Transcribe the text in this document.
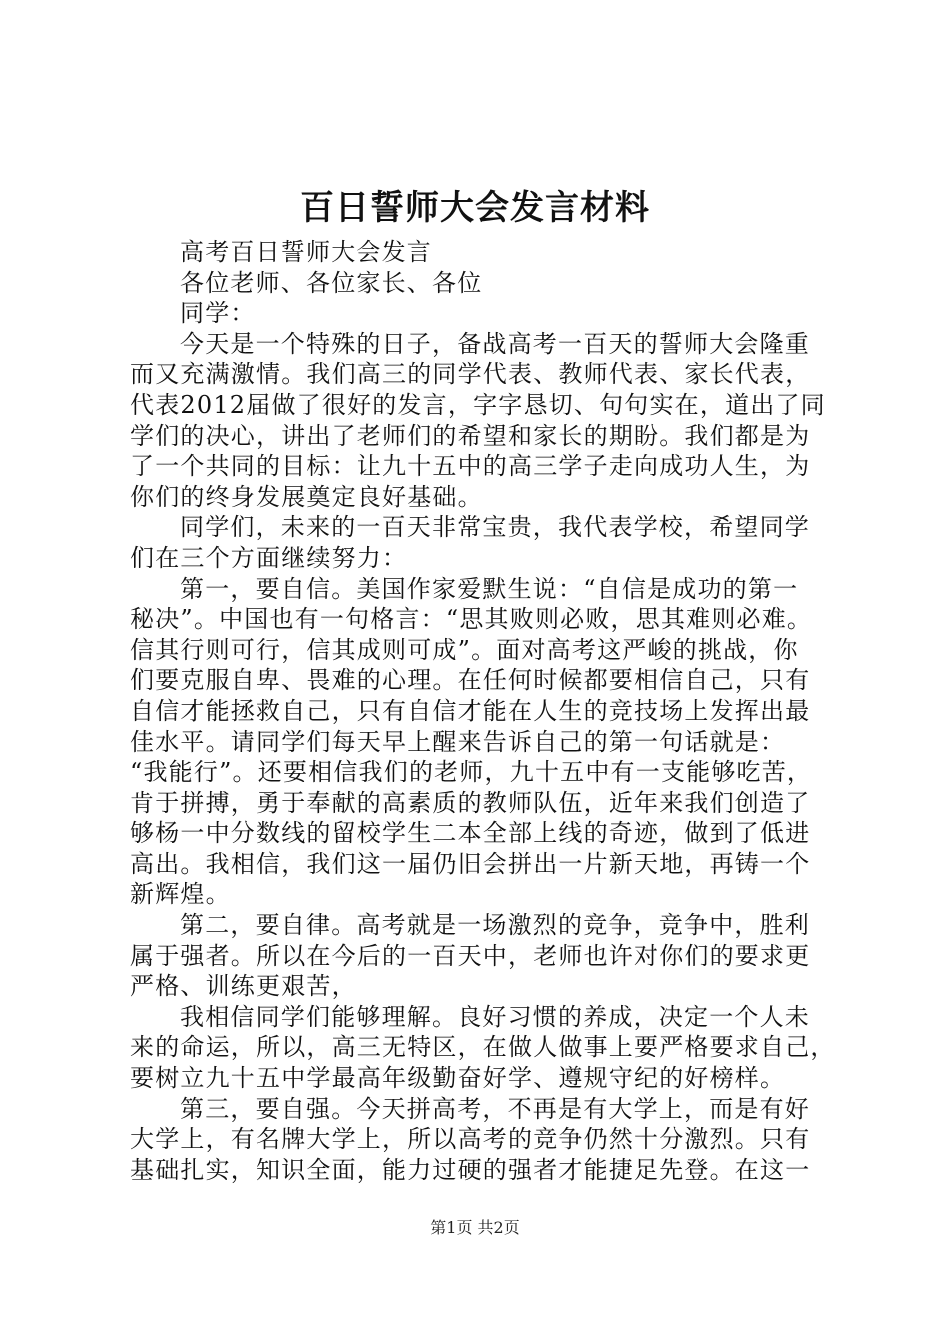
百日誓师大会发言材料
高考百日誓师大会发言
各位老师、各位家长、各位
同学：
今天是一个特殊的日子，备战高考一百天的誓师大会隆重
而又充满激情。我们高三的同学代表、教师代表、家长代表，
代表2012届做了很好的发言，字字恳切、句句实在，道出了同
学们的决心，讲出了老师们的希望和家长的期盼。我们都是为
了一个共同的目标：让九十五中的高三学子走向成功人生，为
你们的终身发展奠定良好基础。
同学们，未来的一百天非常宝贵，我代表学校，希望同学
们在三个方面继续努力：
第一，要自信。美国作家爱默生说：“自信是成功的第一
秘决”。中国也有一句格言：“思其败则必败，思其难则必难。
信其行则可行，信其成则可成”。面对高考这严峻的挑战，你
们要克服自卑、畏难的心理。在任何时候都要相信自己，只有
自信才能拯救自己，只有自信才能在人生的竞技场上发挥出最
佳水平。请同学们每天早上醒来告诉自己的第一句话就是：
“我能行”。还要相信我们的老师，九十五中有一支能够吃苦，
肯于拼搏，勇于奉献的高素质的教师队伍，近年来我们创造了
够杨一中分数线的留校学生二本全部上线的奇迹，做到了低进
高出。我相信，我们这一届仍旧会拼出一片新天地，再铸一个
新辉煌。
第二，要自律。高考就是一场激烈的竞争，竞争中，胜利
属于强者。所以在今后的一百天中，老师也许对你们的要求更
严格、训练更艰苦，
我相信同学们能够理解。良好习惯的养成，决定一个人未
来的命运，所以，高三无特区，在做人做事上要严格要求自己，
要树立九十五中学最高年级勤奋好学、遵规守纪的好榜样。
第三，要自强。今天拼高考，不再是有大学上，而是有好
大学上，有名牌大学上，所以高考的竞争仍然十分激烈。只有
基础扎实，知识全面，能力过硬的强者才能捷足先登。在这一
第1页 共2页
